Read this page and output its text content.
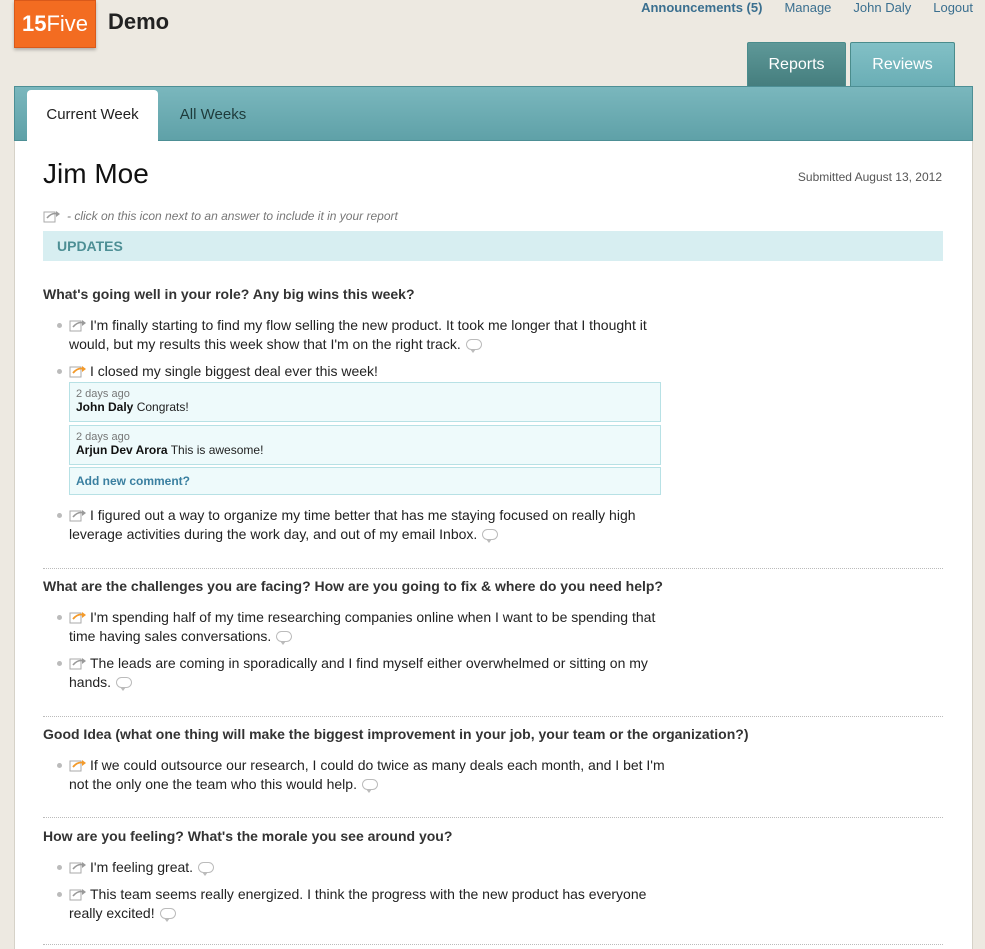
15Five Demo
Announcements (5) Manage John Daly Logout
Reports	Reviews
Current Week	All Weeks
Jim Moe	Submitted August 13, 2012
- click on this icon next to an answer to include it in your report
UPDATES
What's going well in your role? Any big wins this week?
I'm finally starting to find my flow selling the new product. It took me longer that I thought it would, but my results this week show that I'm on the right track.
I closed my single biggest deal ever this week!
2 days ago
John Daly Congrats!
2 days ago
Arjun Dev Arora This is awesome!
Add new comment?
I figured out a way to organize my time better that has me staying focused on really high leverage activities during the work day, and out of my email Inbox.
What are the challenges you are facing? How are you going to fix & where do you need help?
I'm spending half of my time researching companies online when I want to be spending that time having sales conversations.
The leads are coming in sporadically and I find myself either overwhelmed or sitting on my hands.
Good Idea (what one thing will make the biggest improvement in your job, your team or the organization?)
If we could outsource our research, I could do twice as many deals each month, and I bet I'm not the only one the team who this would help.
How are you feeling? What's the morale you see around you?
I'm feeling great.
This team seems really energized. I think the progress with the new product has everyone really excited!
